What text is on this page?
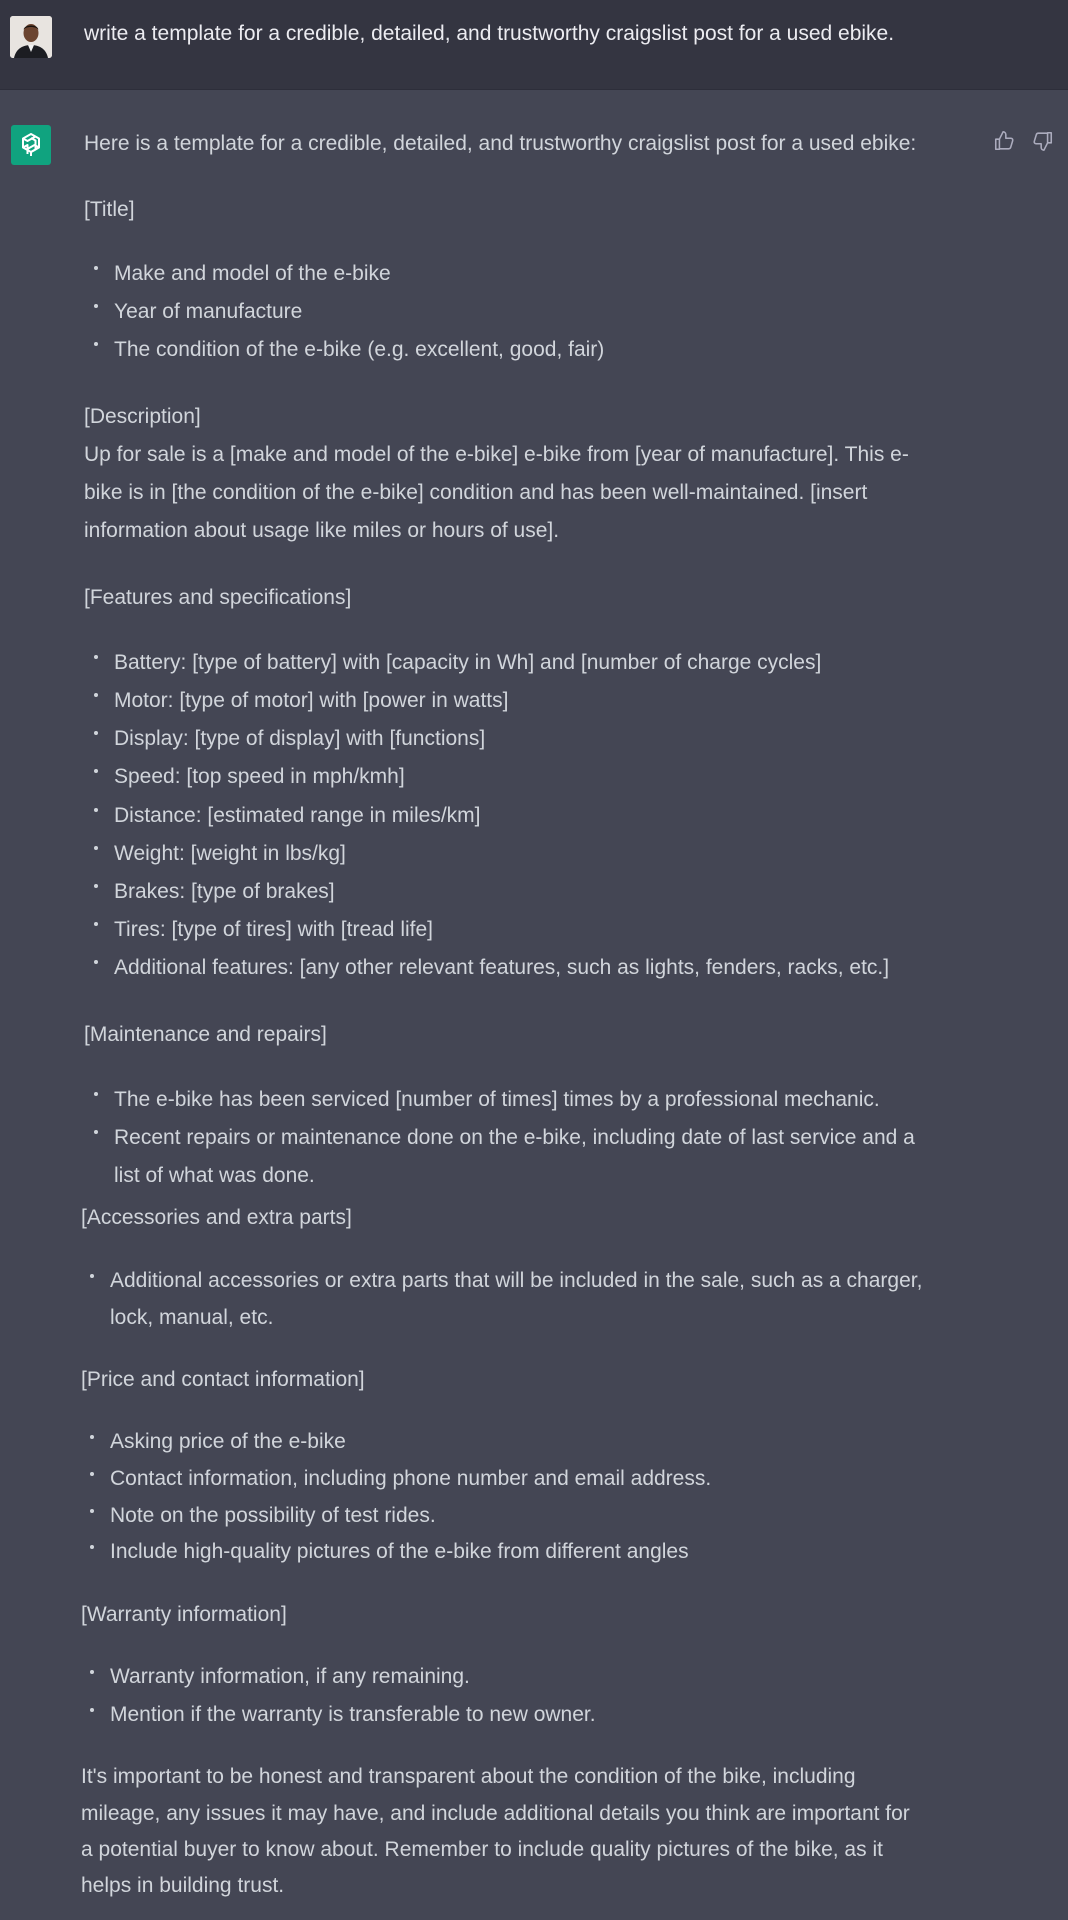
write a template for a credible, detailed, and trustworthy craigslist post for a used ebike.
Here is a template for a credible, detailed, and trustworthy craigslist post for a used ebike:
[Title]
Make and model of the e-bike
Year of manufacture
The condition of the e-bike (e.g. excellent, good, fair)
[Description]
Up for sale is a [make and model of the e-bike] e-bike from [year of manufacture]. This e-
bike is in [the condition of the e-bike] condition and has been well-maintained. [insert
information about usage like miles or hours of use].
[Features and specifications]
Battery: [type of battery] with [capacity in Wh] and [number of charge cycles]
Motor: [type of motor] with [power in watts]
Display: [type of display] with [functions]
Speed: [top speed in mph/kmh]
Distance: [estimated range in miles/km]
Weight: [weight in lbs/kg]
Brakes: [type of brakes]
Tires: [type of tires] with [tread life]
Additional features: [any other relevant features, such as lights, fenders, racks, etc.]
[Maintenance and repairs]
The e-bike has been serviced [number of times] times by a professional mechanic.
Recent repairs or maintenance done on the e-bike, including date of last service and a
list of what was done.
[Accessories and extra parts]
Additional accessories or extra parts that will be included in the sale, such as a charger,
lock, manual, etc.
[Price and contact information]
Asking price of the e-bike
Contact information, including phone number and email address.
Note on the possibility of test rides.
Include high-quality pictures of the e-bike from different angles
[Warranty information]
Warranty information, if any remaining.
Mention if the warranty is transferable to new owner.
It's important to be honest and transparent about the condition of the bike, including
mileage, any issues it may have, and include additional details you think are important for
a potential buyer to know about. Remember to include quality pictures of the bike, as it
helps in building trust.
